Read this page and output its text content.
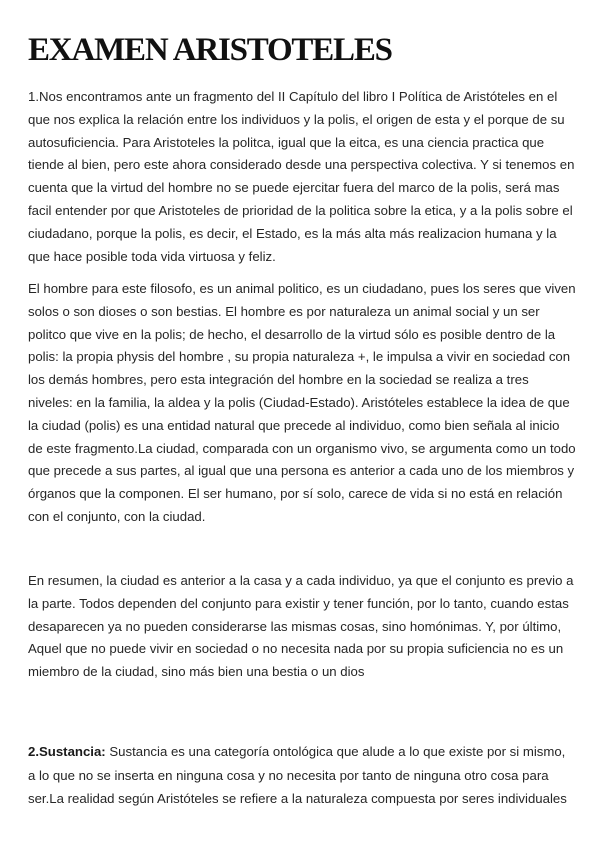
EXAMEN ARISTOTELES

1.Nos encontramos ante un fragmento del II Capítulo del libro I Política de Aristóteles en el que nos explica la relación entre los individuos y la polis, el origen de esta y el porque de su autosuficiencia. Para Aristoteles la politca, igual que la eitca, es una ciencia practica que tiende al bien, pero este ahora considerado desde una perspectiva colectiva. Y si tenemos en cuenta que la virtud del hombre no se puede ejercitar fuera del marco de la polis, será mas facil entender por que Aristoteles de prioridad de la politica sobre la etica, y a la polis sobre el ciudadano, porque la polis, es decir, el Estado, es la más alta más realizacion humana y la que hace posible toda vida virtuosa y feliz.

El hombre para este filosofo, es un animal politico, es un ciudadano, pues los seres que viven solos o son dioses o son bestias. El hombre es por naturaleza un animal social y un ser politco que vive en la polis; de hecho, el desarrollo de la virtud sólo es posible dentro de la polis: la propia physis del hombre , su propia naturaleza +, le impulsa a vivir en sociedad con los demás hombres, pero esta integración del hombre en la sociedad se realiza a tres niveles: en la familia, la aldea y la polis (Ciudad-Estado). Aristóteles establece la idea de que la ciudad (polis) es una entidad natural que precede al individuo, como bien señala al inicio de este fragmento.La ciudad, comparada con un organismo vivo, se argumenta como un todo que precede a sus partes, al igual que una persona es anterior a cada uno de los miembros y órganos que la componen. El ser humano, por sí solo, carece de vida si no está en relación con el conjunto, con la ciudad.

En resumen, la ciudad es anterior a la casa y a cada individuo, ya que el conjunto es previo a la parte. Todos dependen del conjunto para existir y tener función, por lo tanto, cuando estas desaparecen ya no pueden considerarse las mismas cosas, sino homónimas. Y, por último, Aquel que no puede vivir en sociedad o no necesita nada por su propia suficiencia no es un miembro de la ciudad, sino más bien una bestia o un dios

2.Sustancia: Sustancia es una categoría ontológica que alude a lo que existe por si mismo, a lo que no se inserta en ninguna cosa y no necesita por tanto de ninguna otro cosa para ser.La realidad según Aristóteles se refiere a la naturaleza compuesta por seres individuales
